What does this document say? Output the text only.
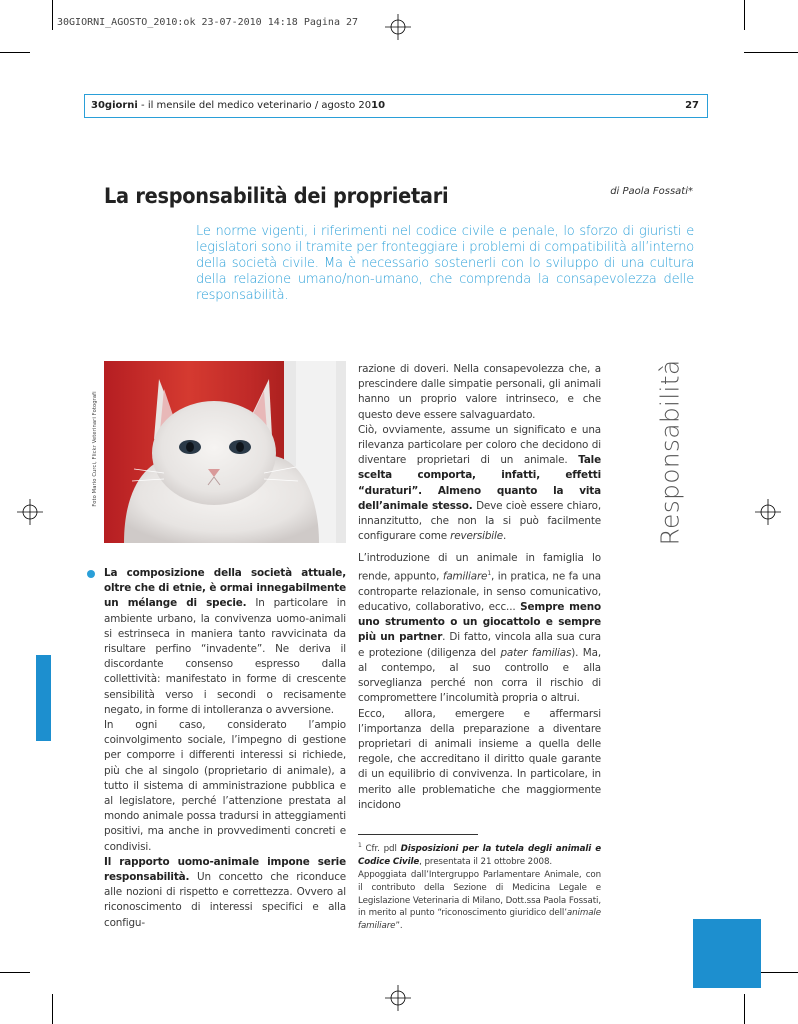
30GIORNI_AGOSTO_2010:ok 23-07-2010 14:18 Pagina 27
30giorni - il mensile del medico veterinario / agosto 2010	27
La responsabilità dei proprietari	di Paola Fossati*
Le norme vigenti, i riferimenti nel codice civile e penale, lo sforzo di giuristi e legislatori sono il tramite per fronteggiare i problemi di compatibilità all’interno della società civile. Ma è necessario sostenerli con lo sviluppo di una cultura della relazione umano/non-umano, che comprenda la consapevolezza delle responsabilità.
Foto Mario Curci, Flickr Veterinari Fotografi	Responsabilità

La composizione della società attuale, oltre che di etnie, è ormai innegabilmente un mélange di specie. In particolare in ambiente urbano, la convivenza uomo-animali si estrinseca in maniera tanto ravvicinata da risultare perfino “invadente”. Ne deriva il discordante consenso espresso dalla collettività: manifestato in forme di crescente sensibilità verso i secondi o recisamente negato, in forme di intolleranza o avversione.

In ogni caso, considerato l’ampio coinvolgimento sociale, l’impegno di gestione per comporre i differenti interessi si richiede, più che al singolo (proprietario di animale), a tutto il sistema di amministrazione pubblica e al legislatore, perché l’attenzione prestata al mondo animale possa tradursi in atteggiamenti positivi, ma anche in provvedimenti concreti e condivisi.

Il rapporto uomo-animale impone serie responsabilità. Un concetto che riconduce alle nozioni di rispetto e correttezza. Ovvero al riconoscimento di interessi specifici e alla configu-

razione di doveri. Nella consapevolezza che, a prescindere dalle simpatie personali, gli animali hanno un proprio valore intrinseco, e che questo deve essere salvaguardato.

Ciò, ovviamente, assume un significato e una rilevanza particolare per coloro che decidono di diventare proprietari di un animale. Tale scelta comporta, infatti, effetti “duraturi”. Almeno quanto la vita dell’animale stesso. Deve cioè essere chiaro, innanzitutto, che non la si può facilmente configurare come reversibile.

L’introduzione di un animale in famiglia lo rende, appunto, familiare$^1$, in pratica, ne fa una controparte relazionale, in senso comunicativo, educativo, collaborativo, ecc... Sempre meno uno strumento o un giocattolo e sempre più un partner. Di fatto, vincola alla sua cura e protezione (diligenza del pater familias). Ma, al contempo, al suo controllo e alla sorveglianza perché non corra il rischio di compromettere l’incolumità propria o altrui.

Ecco, allora, emergere e affermarsi l’importanza della preparazione a diventare proprietari di animali insieme a quella delle regole, che accreditano il diritto quale garante di un equilibrio di convivenza. In particolare, in merito alle problematiche che maggiormente incidono

$^1$ Cfr. pdl Disposizioni per la tutela degli animali e Codice Civile, presentata il 21 ottobre 2008.

Appoggiata dall’Intergruppo Parlamentare Animale, con il contributo della Sezione di Medicina Legale e Legislazione Veterinaria di Milano, Dott.ssa Paola Fossati, in merito al punto “riconoscimento giuridico dell’animale familiare”.
